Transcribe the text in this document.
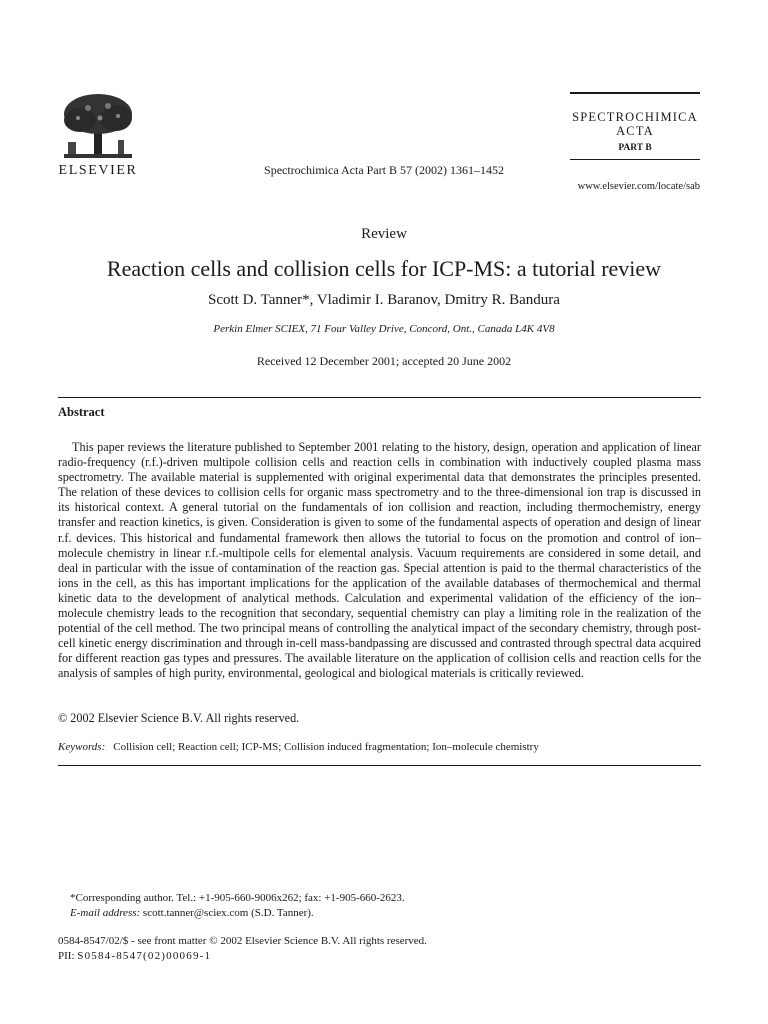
ELSEVIER	Spectrochimica Acta Part B 57 (2002) 1361–1452
SPECTROCHIMICA
ACTA
PART B
www.elsevier.com/locate/sab
Review
Reaction cells and collision cells for ICP-MS: a tutorial review
Scott D. Tanner*, Vladimir I. Baranov, Dmitry R. Bandura
Perkin Elmer SCIEX, 71 Four Valley Drive, Concord, Ont., Canada L4K 4V8
Received 12 December 2001; accepted 20 June 2002
Abstract

This paper reviews the literature published to September 2001 relating to the history, design, operation and application of linear radio-frequency (r.f.)-driven multipole collision cells and reaction cells in combination with inductively coupled plasma mass spectrometry. The available material is supplemented with original experimental data that demonstrates the principles presented. The relation of these devices to collision cells for organic mass spectrometry and to the three-dimensional ion trap is discussed in its historical context. A general tutorial on the fundamentals of ion collision and reaction, including thermochemistry, energy transfer and reaction kinetics, is given. Consideration is given to some of the fundamental aspects of operation and design of linear r.f. devices. This historical and fundamental framework then allows the tutorial to focus on the promotion and control of ion–molecule chemistry in linear r.f.-multipole cells for elemental analysis. Vacuum requirements are considered in some detail, and deal in particular with the issue of contamination of the reaction gas. Special attention is paid to the thermal characteristics of the ions in the cell, as this has important implications for the application of the available databases of thermochemical and thermal kinetic data to the development of analytical methods. Calculation and experimental validation of the efficiency of the ion–molecule chemistry leads to the recognition that secondary, sequential chemistry can play a limiting role in the realization of the potential of the cell method. The two principal means of controlling the analytical impact of the secondary chemistry, through post-cell kinetic energy discrimination and through in-cell mass-bandpassing are discussed and contrasted through spectral data acquired for different reaction gas types and pressures. The available literature on the application of collision cells and reaction cells for the analysis of samples of high purity, environmental, geological and biological materials is critically reviewed.

© 2002 Elsevier Science B.V. All rights reserved.
Keywords: Collision cell; Reaction cell; ICP-MS; Collision induced fragmentation; Ion–molecule chemistry
*Corresponding author. Tel.: +1-905-660-9006x262; fax: +1-905-660-2623.
E-mail address: scott.tanner@sciex.com (S.D. Tanner).
0584-8547/02/$ - see front matter © 2002 Elsevier Science B.V. All rights reserved.
PII: S0584-8547(02)00069-1
